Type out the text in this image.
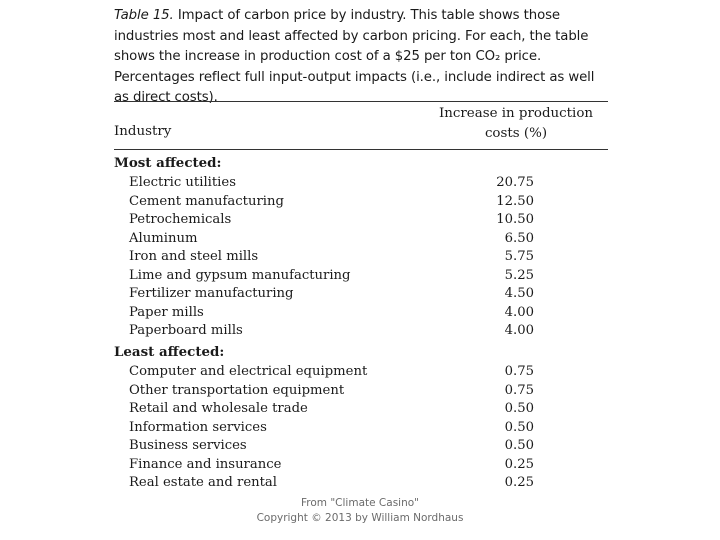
Table 15. Impact of carbon price by industry. This table shows those industries most and least affected by carbon pricing. For each, the table shows the increase in production cost of a $25 per ton CO₂ price. Percentages reflect full input-output impacts (i.e., include indirect as well as direct costs).
Industry
Increase in production
costs (%)
Most affected:
Electric utilities	20.75
Cement manufacturing	12.50
Petrochemicals	10.50
Aluminum	6.50
Iron and steel mills	5.75
Lime and gypsum manufacturing	5.25
Fertilizer manufacturing	4.50
Paper mills	4.00
Paperboard mills	4.00
Least affected:
Computer and electrical equipment	0.75
Other transportation equipment	0.75
Retail and wholesale trade	0.50
Information services	0.50
Business services	0.50
Finance and insurance	0.25
Real estate and rental	0.25
From "Climate Casino"
Copyright © 2013 by William Nordhaus
